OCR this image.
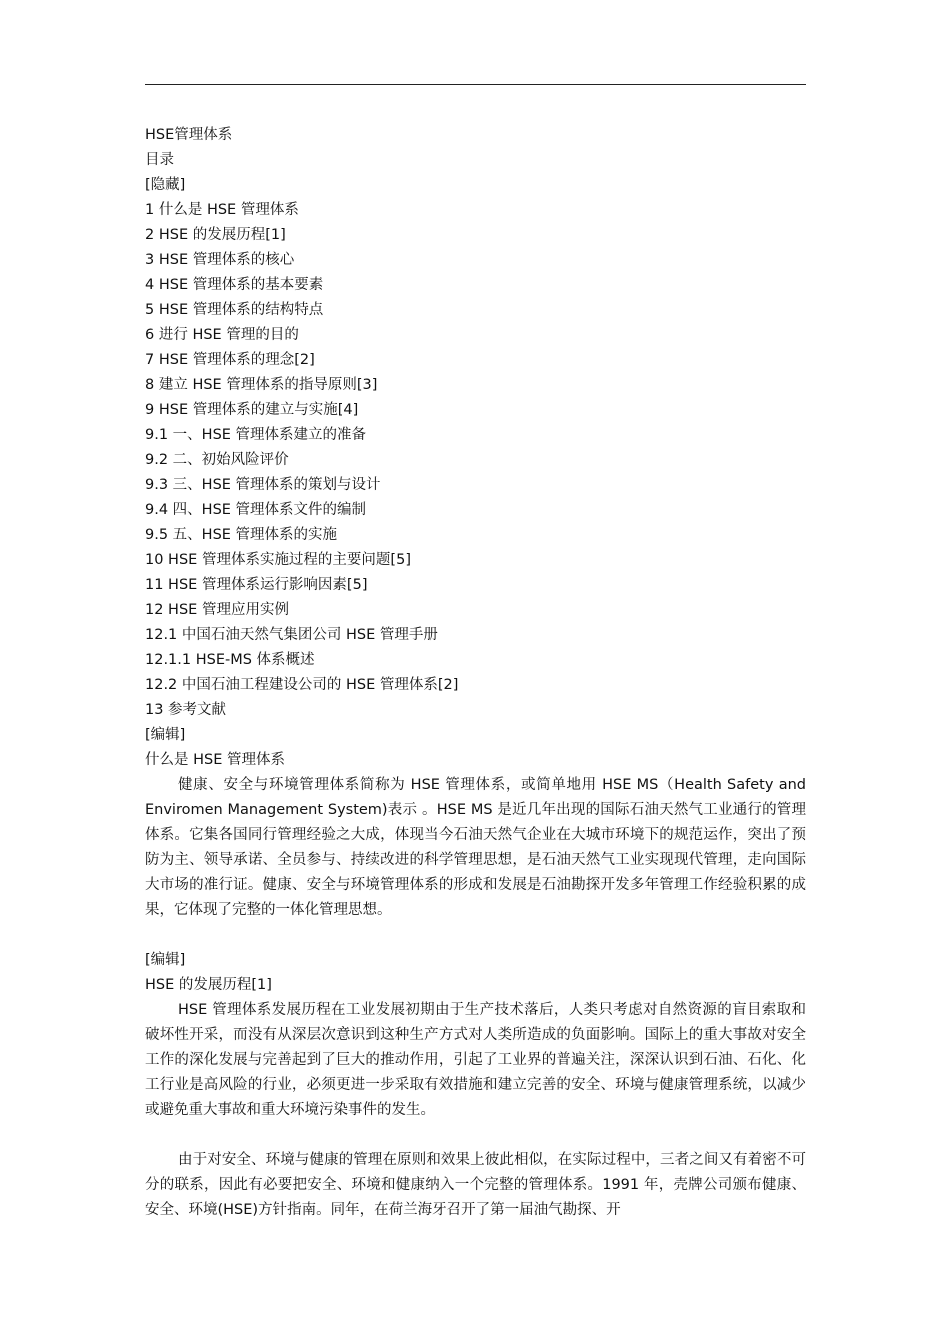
HSE管理体系
目录
[隐藏]
1 什么是 HSE 管理体系
2 HSE 的发展历程[1]
3 HSE 管理体系的核心
4 HSE 管理体系的基本要素
5 HSE 管理体系的结构特点
6 进行 HSE 管理的目的
7 HSE 管理体系的理念[2]
8 建立 HSE 管理体系的指导原则[3]
9 HSE 管理体系的建立与实施[4]
9.1 一、HSE 管理体系建立的准备
9.2 二、初始风险评价
9.3 三、HSE 管理体系的策划与设计
9.4 四、HSE 管理体系文件的编制
9.5 五、HSE 管理体系的实施
10 HSE 管理体系实施过程的主要问题[5]
11 HSE 管理体系运行影响因素[5]
12 HSE 管理应用实例
12.1 中国石油天然气集团公司 HSE 管理手册
12.1.1 HSE-MS 体系概述
12.2 中国石油工程建设公司的 HSE 管理体系[2]
13 参考文献
[编辑]
什么是 HSE 管理体系

健康、安全与环境管理体系简称为 HSE 管理体系，或简单地用 HSE MS（Health Safety and Enviromen Management System)表示 。HSE MS 是近几年出现的国际石油天然气工业通行的管理体系。它集各国同行管理经验之大成，体现当今石油天然气企业在大城市环境下的规范运作，突出了预防为主、领导承诺、全员参与、持续改进的科学管理思想，是石油天然气工业实现现代管理，走向国际大市场的准行证。健康、安全与环境管理体系的形成和发展是石油勘探开发多年管理工作经验积累的成果，它体现了完整的一体化管理思想。

[编辑]
HSE 的发展历程[1]

HSE 管理体系发展历程在工业发展初期由于生产技术落后，人类只考虑对自然资源的盲目索取和破坏性开采，而没有从深层次意识到这种生产方式对人类所造成的负面影响。国际上的重大事故对安全工作的深化发展与完善起到了巨大的推动作用，引起了工业界的普遍关注，深深认识到石油、石化、化工行业是高风险的行业，必须更进一步采取有效措施和建立完善的安全、环境与健康管理系统，以减少或避免重大事故和重大环境污染事件的发生。

由于对安全、环境与健康的管理在原则和效果上彼此相似，在实际过程中，三者之间又有着密不可分的联系，因此有必要把安全、环境和健康纳入一个完整的管理体系。1991 年，壳牌公司颁布健康、安全、环境(HSE)方针指南。同年，在荷兰海牙召开了第一届油气勘探、开
